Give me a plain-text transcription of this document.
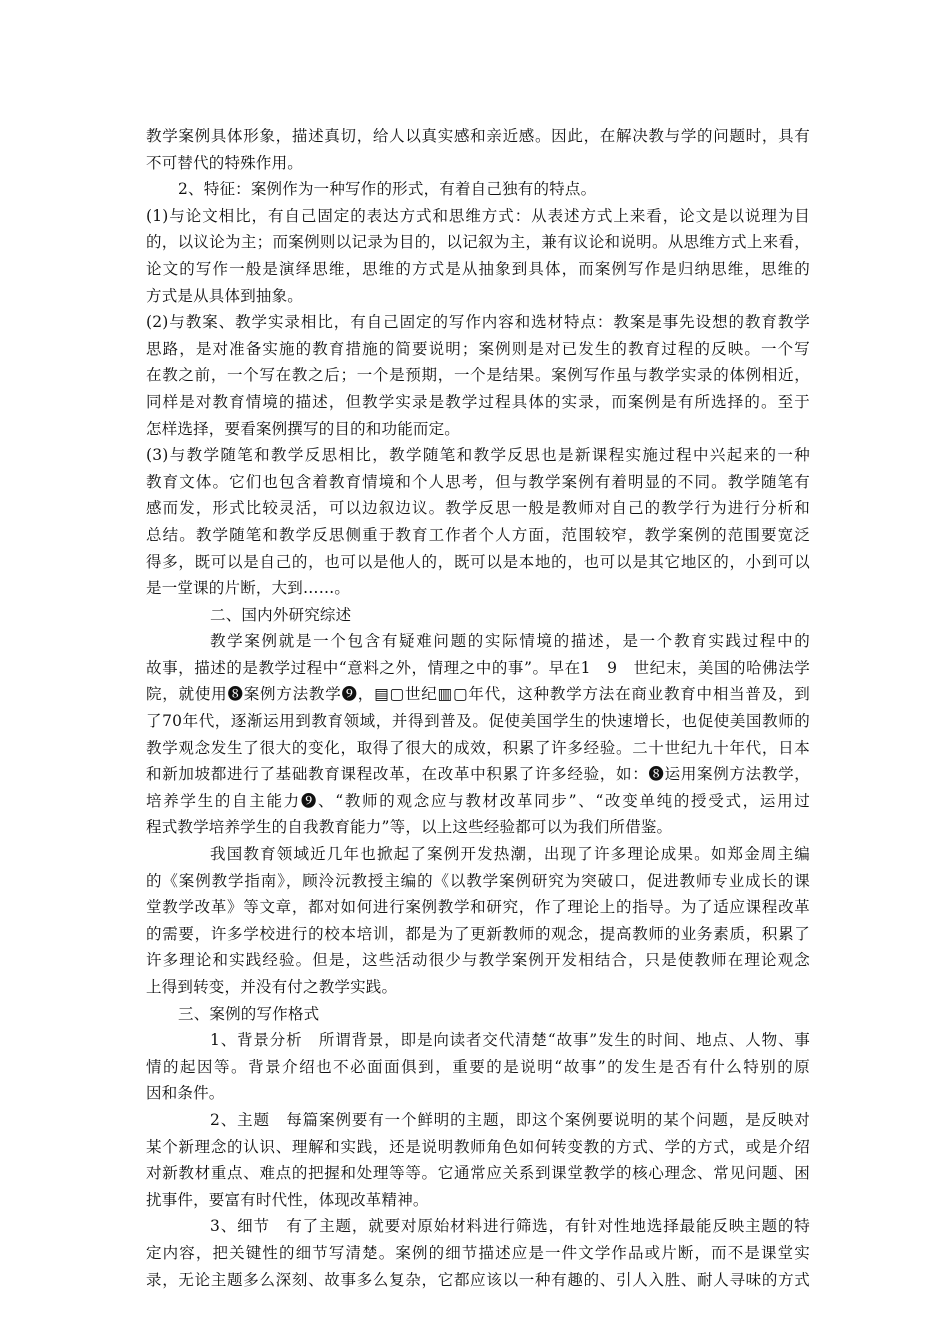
教学案例具体形象，描述真切，给人以真实感和亲近感。因此，在解决教与学的问题时，具有
不可替代的特殊作用。
2、特征：案例作为一种写作的形式，有着自己独有的特点。
(1)与论文相比，有自己固定的表达方式和思维方式：从表述方式上来看，论文是以说理为目
的，以议论为主；而案例则以记录为目的，以记叙为主，兼有议论和说明。从思维方式上来看，
论文的写作一般是演绎思维，思维的方式是从抽象到具体，而案例写作是归纳思维，思维的
方式是从具体到抽象。
(2)与教案、教学实录相比，有自己固定的写作内容和选材特点：教案是事先设想的教育教学
思路，是对准备实施的教育措施的简要说明；案例则是对已发生的教育过程的反映。一个写
在教之前，一个写在教之后；一个是预期，一个是结果。案例写作虽与教学实录的体例相近，
同样是对教育情境的描述，但教学实录是教学过程具体的实录，而案例是有所选择的。至于
怎样选择，要看案例撰写的目的和功能而定。
(3)与教学随笔和教学反思相比，教学随笔和教学反思也是新课程实施过程中兴起来的一种
教育文体。它们也包含着教育情境和个人思考，但与教学案例有着明显的不同。教学随笔有
感而发，形式比较灵活，可以边叙边议。教学反思一般是教师对自己的教学行为进行分析和
总结。教学随笔和教学反思侧重于教育工作者个人方面，范围较窄，教学案例的范围要宽泛
得多，既可以是自己的，也可以是他人的，既可以是本地的，也可以是其它地区的，小到可以
是一堂课的片断，大到……。
二、国内外研究综述
教学案例就是一个包含有疑难问题的实际情境的描述，是一个教育实践过程中的
故事，描述的是教学过程中“意料之外，情理之中的事”。早在1　9　世纪末，美国的哈佛法学
院，就使用❽案例方法教学❾，▤▢世纪▥▢年代，这种教学方法在商业教育中相当普及，到
了70年代，逐渐运用到教育领域，并得到普及。促使美国学生的快速增长，也促使美国教师的
教学观念发生了很大的变化，取得了很大的成效，积累了许多经验。二十世纪九十年代，日本
和新加坡都进行了基础教育课程改革，在改革中积累了许多经验，如：❽运用案例方法教学，
培养学生的自主能力❾、“教师的观念应与教材改革同步”、“改变单纯的授受式，运用过
程式教学培养学生的自我教育能力”等，以上这些经验都可以为我们所借鉴。
我国教育领域近几年也掀起了案例开发热潮，出现了许多理论成果。如郑金周主编
的《案例教学指南》，顾泠沅教授主编的《以教学案例研究为突破口，促进教师专业成长的课
堂教学改革》等文章，都对如何进行案例教学和研究，作了理论上的指导。为了适应课程改革
的需要，许多学校进行的校本培训，都是为了更新教师的观念，提高教师的业务素质，积累了
许多理论和实践经验。但是，这些活动很少与教学案例开发相结合，只是使教师在理论观念
上得到转变，并没有付之教学实践。
三、案例的写作格式
1、背景分析　所谓背景，即是向读者交代清楚“故事”发生的时间、地点、人物、事
情的起因等。背景介绍也不必面面俱到，重要的是说明“故事”的发生是否有什么特别的原
因和条件。
2、主题　每篇案例要有一个鲜明的主题，即这个案例要说明的某个问题，是反映对
某个新理念的认识、理解和实践，还是说明教师角色如何转变教的方式、学的方式，或是介绍
对新教材重点、难点的把握和处理等等。它通常应关系到课堂教学的核心理念、常见问题、困
扰事件，要富有时代性，体现改革精神。
3、细节　有了主题，就要对原始材料进行筛选，有针对性地选择最能反映主题的特
定内容，把关键性的细节写清楚。案例的细节描述应是一件文学作品或片断，而不是课堂实
录，无论主题多么深刻、故事多么复杂，它都应该以一种有趣的、引人入胜、耐人寻味的方式
